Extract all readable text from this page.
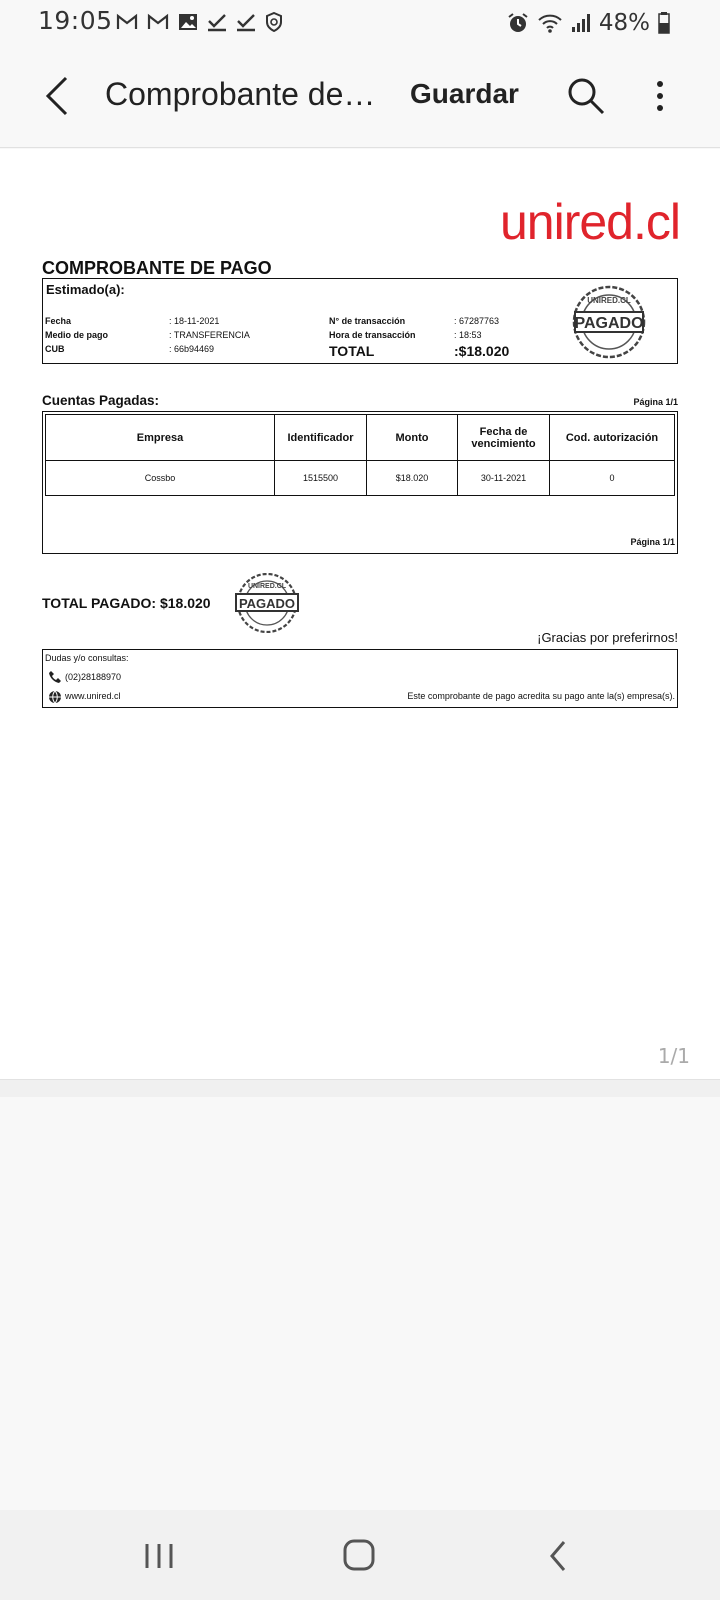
19:05	48%
Comprobante de… Guardar
unired.cl
COMPROBANTE DE PAGO
Estimado(a):
Fecha	: 18-11-2021
Medio de pago	: TRANSFERENCIA
CUB	: 66b94469
N° de transacción	: 67287763
Hora de transacción	: 18:53
TOTAL	:$18.020
UNIRED.CL
PAGADO
Cuentas Pagadas:	Página 1/1
Empresa	Identificador	Monto	Fecha de vencimiento	Cod. autorización
Cossbo	1515500	$18.020	30-11-2021	0
Página 1/1
TOTAL PAGADO: $18.020
UNIRED.CL
PAGADO
¡Gracias por preferirnos!
Dudas y/o consultas:
(02)28188970
www.unired.cl	Este comprobante de pago acredita su pago ante la(s) empresa(s).
1/1
